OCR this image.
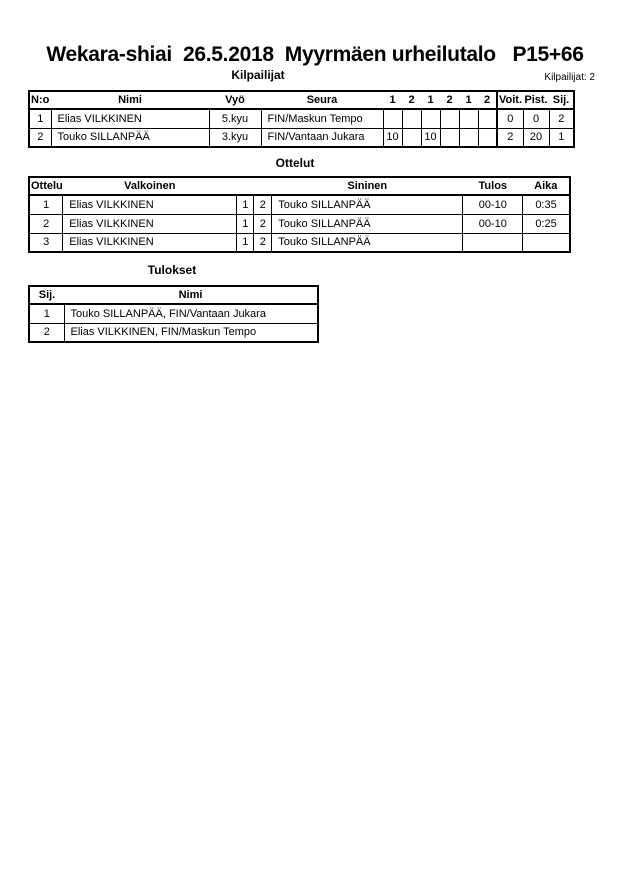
Wekara-shiai  26.5.2018  Myyrmäen urheilutalo   P15+66
Kilpailijat	Kilpailijat: 2
N:o	Nimi	Vyö	Seura	1	2	1	2	1	2	Voit.	Pist.	Sij.
1	Elias VILKKINEN	5.kyu	FIN/Maskun Tempo							0	0	2
2	Touko SILLANPÄÄ	3.kyu	FIN/Vantaan Jukara	10		10				2	20	1
Ottelut
Ottelu	Valkoinen			Sininen	Tulos	Aika
1	Elias VILKKINEN	1	2	Touko SILLANPÄÄ	00-10	0:35
2	Elias VILKKINEN	1	2	Touko SILLANPÄÄ	00-10	0:25
3	Elias VILKKINEN	1	2	Touko SILLANPÄÄ		
Tulokset
Sij.	Nimi
1	Touko SILLANPÄÄ, FIN/Vantaan Jukara
2	Elias VILKKINEN, FIN/Maskun Tempo
